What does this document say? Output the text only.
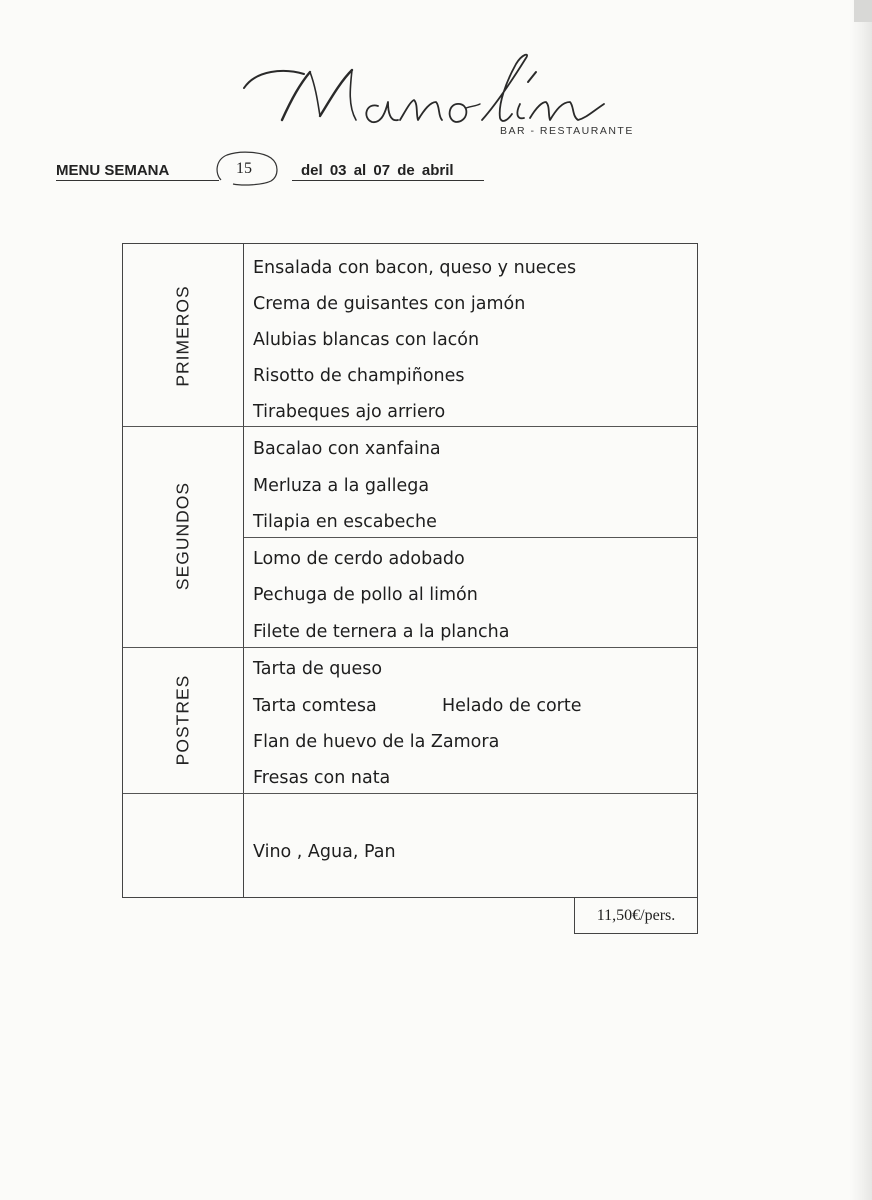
BAR - RESTAURANTE
MENU SEMANA	15	del 03 al 07 de abril
PRIMEROS
Ensalada con bacon, queso y nueces
Crema de guisantes con jamón
Alubias blancas con lacón
Risotto de champiñones
Tirabeques ajo arriero
SEGUNDOS
Bacalao con xanfaina
Merluza a la gallega
Tilapia en escabeche
Lomo de cerdo adobado
Pechuga de pollo al limón
Filete de ternera a la plancha
POSTRES
Tarta de queso
Tarta comtesa	Helado de corte
Flan de huevo de la Zamora
Fresas con nata
Vino , Agua, Pan
11,50€/pers.
